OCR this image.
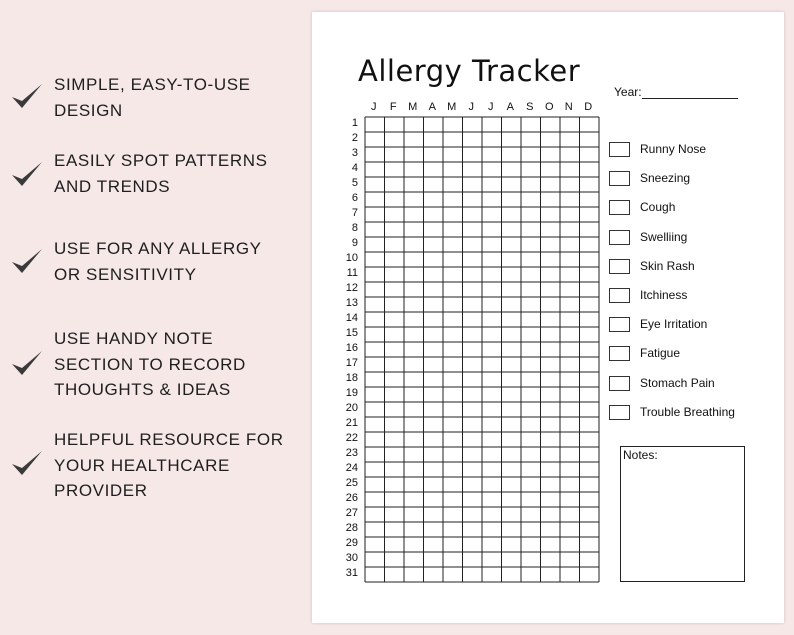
SIMPLE, EASY-TO-USE
DESIGN
EASILY SPOT PATTERNS
AND TRENDS
USE FOR ANY ALLERGY
OR SENSITIVITY
USE HANDY NOTE
SECTION TO RECORD
THOUGHTS & IDEAS
HELPFUL RESOURCE FOR
YOUR HEALTHCARE
PROVIDER
Allergy Tracker
Year:
J	F	M	A	M	J	J	A	S	O	N	D
1
2
3
4
5
6
7
8
9
10
11
12
13
14
15
16
17
18
19
20
21
22
23
24
25
26
27
28
29
30
31
Runny Nose
Sneezing
Cough
Swelliing
Skin Rash
Itchiness
Eye Irritation
Fatigue
Stomach Pain
Trouble Breathing
Notes:
